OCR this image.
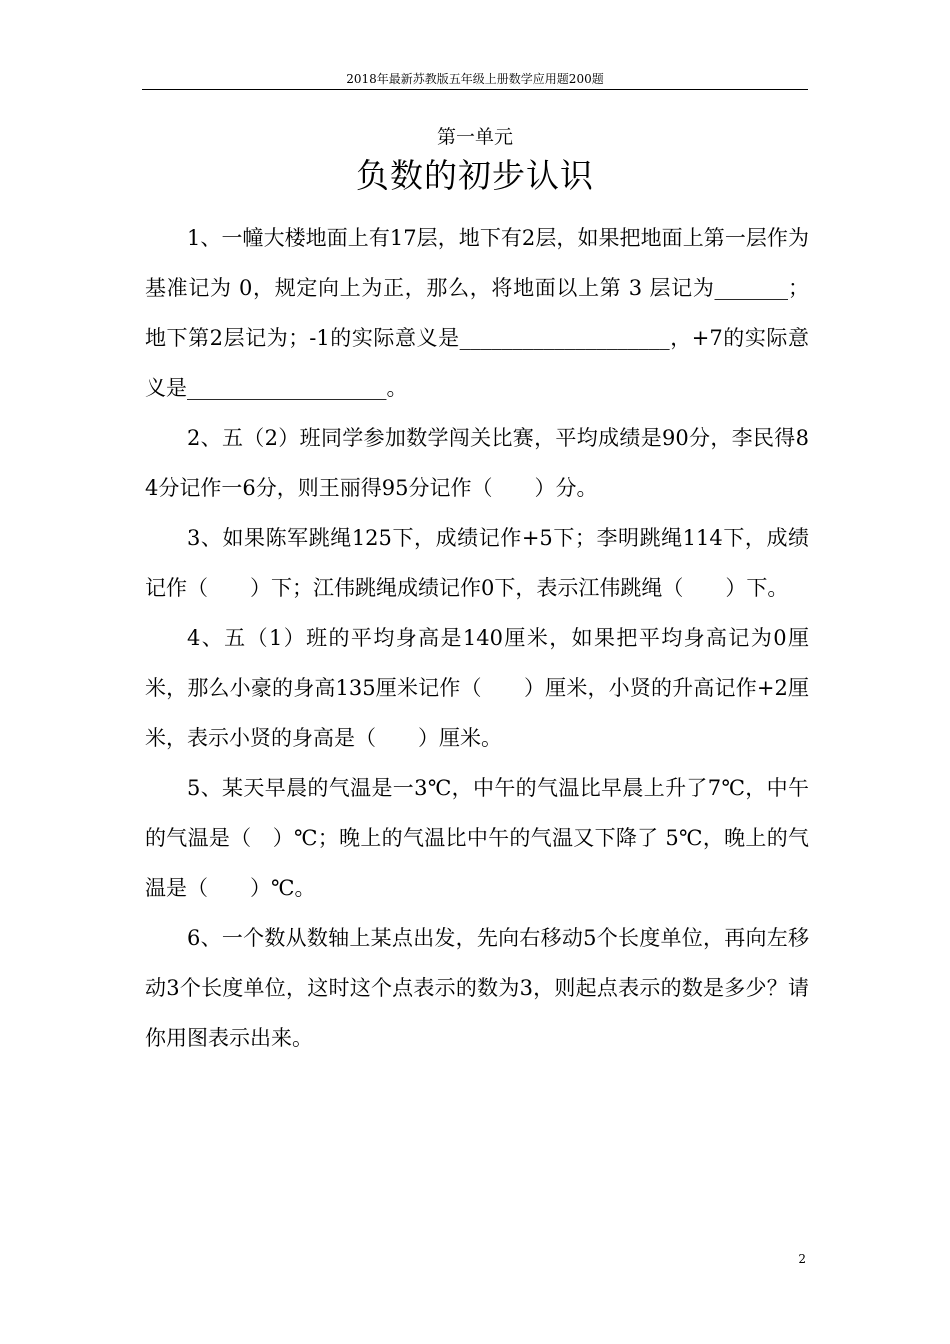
2018年最新苏教版五年级上册数学应用题200题
第一单元
负数的初步认识

1、一幢大楼地面上有17层，地下有2层，如果把地面上第一层作为基准记为 0，规定向上为正，那么，将地面以上第 3 层记为_______；地下第2层记为；-1的实际意义是____________________，+7的实际意义是___________________。

2、五（2）班同学参加数学闯关比赛，平均成绩是90分，李民得84分记作一6分，则王丽得95分记作（　　）分。

3、如果陈军跳绳125下，成绩记作+5下；李明跳绳114下，成绩记作（　　）下；江伟跳绳成绩记作0下，表示江伟跳绳（　　）下。

4、五（1）班的平均身高是140厘米，如果把平均身高记为0厘米，那么小豪的身高135厘米记作（　　）厘米，小贤的升高记作+2厘米，表示小贤的身高是（　　）厘米。

5、某天早晨的气温是一3℃，中午的气温比早晨上升了7℃，中午的气温是（　）℃；晚上的气温比中午的气温又下降了 5℃，晚上的气温是（　　）℃。

6、一个数从数轴上某点出发，先向右移动5个长度单位，再向左移动3个长度单位，这时这个点表示的数为3，则起点表示的数是多少？请你用图表示出来。

2
